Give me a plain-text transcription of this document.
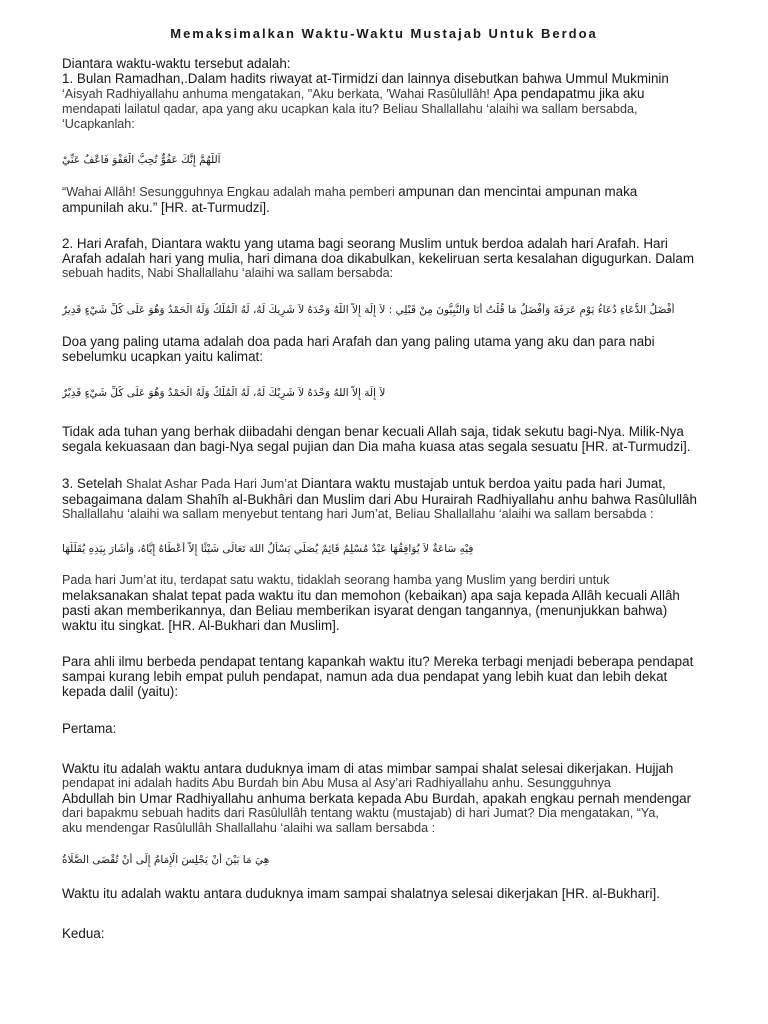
Memaksimalkan Waktu-Waktu Mustajab Untuk Berdoa
Diantara waktu-waktu tersebut adalah:
1. Bulan Ramadhan,.Dalam hadits riwayat at-Tirmidzi dan lainnya disebutkan bahwa Ummul Mukminin
‘Aisyah Radhiyallahu anhuma mengatakan, "Aku berkata, 'Wahai Rasûlullâh! Apa pendapatmu jika aku
mendapati lailatul qadar, apa yang aku ucapkan kala itu? Beliau Shallallahu ‘alaihi wa sallam bersabda,
‘Ucapkanlah:
اَللَّهُمَّ إِنَّكَ عَفُوٌّ تُحِبُّ الْعَفْوَ فَاعْفُ عَنِّيْ
“Wahai Allâh! Sesungguhnya Engkau adalah maha pemberi ampunan dan mencintai ampunan maka
ampunilah aku.” [HR. at-Turmudzi].
2. Hari Arafah, Diantara waktu yang utama bagi seorang Muslim untuk berdoa adalah hari Arafah. Hari
Arafah adalah hari yang mulia, hari dimana doa dikabulkan, kekeliruan serta kesalahan digugurkan. Dalam
sebuah hadits, Nabi Shallallahu ‘alaihi wa sallam bersabda:
أَفْضَلُ الدُّعَاءِ دُعَاءُ يَوْمِ عَرَفَةَ وَأَفْضَلُ مَا قُلْتُ أَنَا وَالنَّبِيُّونَ مِنْ قَبْلِي : لاَ إِلَهَ إِلاَّ اللَّهُ وَحْدَهُ لاَ شَرِيكَ لَهُ، لَهُ الْمُلْكُ وَلَهُ الْحَمْدُ وَهُوَ عَلَى كُلِّ شَيْءٍ قَدِيرٌ
Doa yang paling utama adalah doa pada hari Arafah dan yang paling utama yang aku dan para nabi
sebelumku ucapkan yaitu kalimat:
لاَ إِلَهَ إِلاَّ اللهُ وَحْدَهُ لاَ شَرِيْكَ لَهُ، لَهُ الْمُلْكُ وَلَهُ الْحَمْدُ وَهُوَ عَلَى كُلِّ شَيْءٍ قَدِيْرٌ
Tidak ada tuhan yang berhak diibadahi dengan benar kecuali Allah saja, tidak sekutu bagi-Nya. Milik-Nya
segala kekuasaan dan bagi-Nya segal pujian dan Dia maha kuasa atas segala sesuatu [HR. at-Turmudzi].
3. Setelah Shalat Ashar Pada Hari Jum’at Diantara waktu mustajab untuk berdoa yaitu pada hari Jumat,
sebagaimana dalam Shahîh al-Bukhâri dan Muslim dari Abu Hurairah Radhiyallahu anhu bahwa Rasûlullâh
Shallallahu ‘alaihi wa sallam menyebut tentang hari Jum’at, Beliau Shallallahu ‘alaihi wa sallam bersabda :
فِيْهِ سَاعَةٌ لاَ يُوَافِقُهَا عَبْدٌ مُسْلِمٌ قَائِمٌ يُصَلِّي يَسْأَلُ اللهَ تَعَالَى شَيْئًا إِلاَّ أَعْطَاهُ إِيَّاهُ، وَأَشَارَ بِيَدِهِ يُقَلِّلُهَا
Pada hari Jum’at itu, terdapat satu waktu, tidaklah seorang hamba yang Muslim yang berdiri untuk
melaksanakan shalat tepat pada waktu itu dan memohon (kebaikan) apa saja kepada Allâh kecuali Allâh
pasti akan memberikannya, dan Beliau memberikan isyarat dengan tangannya, (menunjukkan bahwa)
waktu itu singkat. [HR. Al-Bukhari dan Muslim].
Para ahli ilmu berbeda pendapat tentang kapankah waktu itu? Mereka terbagi menjadi beberapa pendapat
sampai kurang lebih empat puluh pendapat, namun ada dua pendapat yang lebih kuat dan lebih dekat
kepada dalil (yaitu):
Pertama:
Waktu itu adalah waktu antara duduknya imam di atas mimbar sampai shalat selesai dikerjakan. Hujjah
pendapat ini adalah hadits Abu Burdah bin Abu Musa al Asy’ari Radhiyallahu anhu. Sesungguhnya
Abdullah bin Umar Radhiyallahu anhuma berkata kepada Abu Burdah, apakah engkau pernah mendengar
dari bapakmu sebuah hadits dari Rasûlullâh tentang waktu (mustajab) di hari Jumat? Dia mengatakan, “Ya,
aku mendengar Rasûlullâh Shallallahu ‘alaihi wa sallam bersabda :
هِيَ مَا بَيْنَ أَنْ يَجْلِسَ الْإِمَامُ إِلَى أَنْ تُقْضَى الصَّلَاةُ
Waktu itu adalah waktu antara duduknya imam sampai shalatnya selesai dikerjakan [HR. al-Bukhari].
Kedua:
